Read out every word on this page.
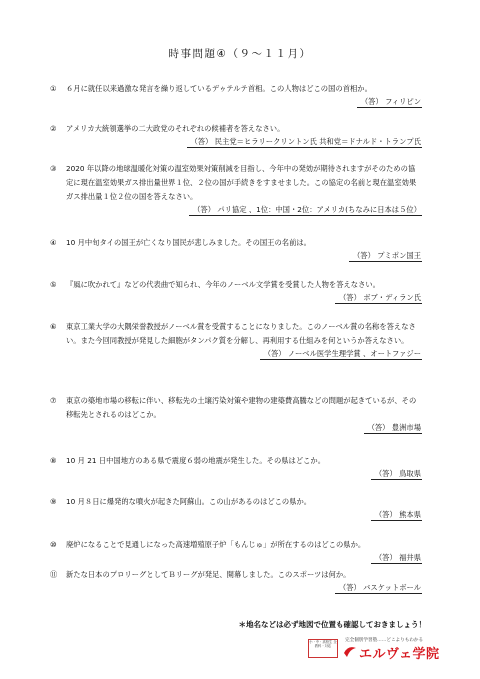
時事問題④（９～１１月）
①	６月に就任以来過激な発言を繰り返しているデゥテルテ首相。この人物はどこの国の首相か。
（答） フィリピン
②	アメリカ大統領選挙の二大政党のそれぞれの候補者を答えなさい。
（答） 民主党＝ヒラリークリントン氏 共和党＝ドナルド・トランプ氏
③	2020 年以降の地球温暖化対策の温室効果対策削減を目指し、今年中の発効が期待されますがそのための協定に現在温室効果ガス排出量世界１位、２位の国が手続きをすませました。この協定の名前と現在温室効果ガス排出量１位２位の国を答えなさい。
（答） パリ協定 、1位：中国・2位：アメリカ(ちなみに日本は５位）
④	10 月中旬タイの国王が亡くなり国民が悲しみました。その国王の名前は。
（答） プミポン国王
⑤	『風に吹かれて』などの代表曲で知られ、今年のノーベル文学賞を受賞した人物を答えなさい。
（答） ボブ・ディラン氏
⑥	東京工業大学の大隅栄誉教授がノーベル賞を受賞することになりました。このノーベル賞の名称を答えなさい。また今回同教授が発見した細胞がタンパク質を分解し、再利用する仕組みを何というか答えなさい。
（答） ノーベル医学生理学賞 、オートファジー
⑦	東京の築地市場の移転に伴い、移転先の土壌汚染対策や建物の建築費高騰などの問題が起きているが、その移転先とされるのはどこか。
（答） 豊洲市場
⑧	10 月 21 日中国地方のある県で震度６弱の地震が発生した。その県はどこか。
（答） 鳥取県
⑨	10 月８日に爆発的な噴火が起きた阿蘇山。この山があるのはどこの県か。
（答） 熊本県
⑩	廃炉になることで見通しになった高速増殖原子炉「もんじゅ」が所在するのはどこの県か。
（答） 福井県
⑪	新たな日本のプロリーグとしてＢリーグが発足、開幕しました。このスポーツは何か。
（答） バスケットボール
＊地名などは必ず地図で位置も確認しておきましょう！
小・中・高校生 全教科・対応
完全個別学習塾……どこよりもわかる
エルヴェ学院
